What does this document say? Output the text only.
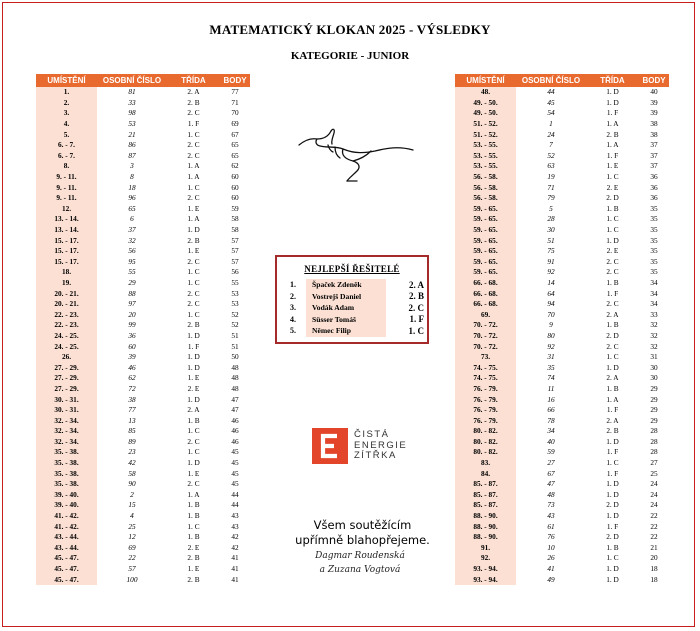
MATEMATICKÝ KLOKAN 2025 - VÝSLEDKY
KATEGORIE - JUNIOR
UMÍSTĚNÍ	OSOBNÍ ČÍSLO	TŘÍDA	BODY
1.	81	2. A	77
2.	33	2. B	71
3.	98	2. C	70
4.	53	1. F	69
5.	21	1. C	67
6. - 7.	86	2. C	65
6. - 7.	87	2. C	65
8.	3	1. A	62
9. - 11.	8	1. A	60
9. - 11.	18	1. C	60
9. - 11.	96	2. C	60
12.	65	1. E	59
13. - 14.	6	1. A	58
13. - 14.	37	1. D	58
15. - 17.	32	2. B	57
15. - 17.	56	1. E	57
15. - 17.	95	2. C	57
18.	55	1. C	56
19.	29	1. C	55
20. - 21.	88	2. C	53
20. - 21.	97	2. C	53
22. - 23.	20	1. C	52
22. - 23.	99	2. B	52
24. - 25.	36	1. D	51
24. - 25.	60	1. F	51
26.	39	1. D	50
27. - 29.	46	1. D	48
27. - 29.	62	1. E	48
27. - 29.	72	2. E	48
30. - 31.	38	1. D	47
30. - 31.	77	2. A	47
32. - 34.	13	1. B	46
32. - 34.	85	1. C	46
32. - 34.	89	2. C	46
35. - 38.	23	1. C	45
35. - 38.	42	1. D	45
35. - 38.	58	1. E	45
35. - 38.	90	2. C	45
39. - 40.	2	1. A	44
39. - 40.	15	1. B	44
41. - 42.	4	1. B	43
41. - 42.	25	1. C	43
43. - 44.	12	1. B	42
43. - 44.	69	2. E	42
45. - 47.	22	2. B	41
45. - 47.	57	1. E	41
45. - 47.	100	2. B	41
UMÍSTĚNÍ	OSOBNÍ ČÍSLO	TŘÍDA	BODY
48.	44	1. D	40
49. - 50.	45	1. D	39
49. - 50.	54	1. F	39
51. - 52.	1	1. A	38
51. - 52.	24	2. B	38
53. - 55.	7	1. A	37
53. - 55.	52	1. F	37
53. - 55.	63	1. E	37
56. - 58.	19	1. C	36
56. - 58.	71	2. E	36
56. - 58.	79	2. D	36
59. - 65.	5	1. B	35
59. - 65.	28	1. C	35
59. - 65.	30	1. C	35
59. - 65.	51	1. D	35
59. - 65.	75	2. E	35
59. - 65.	91	2. C	35
59. - 65.	92	2. C	35
66. - 68.	14	1. B	34
66. - 68.	64	1. F	34
66. - 68.	94	2. C	34
69.	70	2. A	33
70. - 72.	9	1. B	32
70. - 72.	80	2. D	32
70. - 72.	92	2. C	32
73.	31	1. C	31
74. - 75.	35	1. D	30
74. - 75.	74	2. A	30
76. - 79.	11	1. B	29
76. - 79.	16	1. A	29
76. - 79.	66	1. F	29
76. - 79.	78	2. A	29
80. - 82.	34	2. B	28
80. - 82.	40	1. D	28
80. - 82.	59	1. F	28
83.	27	1. C	27
84.	67	1. F	25
85. - 87.	47	1. D	24
85. - 87.	48	1. D	24
85. - 87.	73	2. D	24
88. - 90.	43	1. D	22
88. - 90.	61	1. F	22
88. - 90.	76	2. D	22
91.	10	1. B	21
92.	26	1. C	20
93. - 94.	41	1. D	18
93. - 94.	49	1. D	18
NEJLEPŠÍ ŘEŠITELÉ
1.	Špaček Zdeněk	2. A
2.	Vostrejš Daniel	2. B
3.	Vodák Adam	2. C
4.	Süsser Tomáš	1. F
5.	Němec Filip	1. C
ČISTÁ
ENERGIE
ZÍTŘKA
Všem soutěžícím
upřímně blahopřejeme.
Dagmar Roudenská
a Zuzana Vogtová
